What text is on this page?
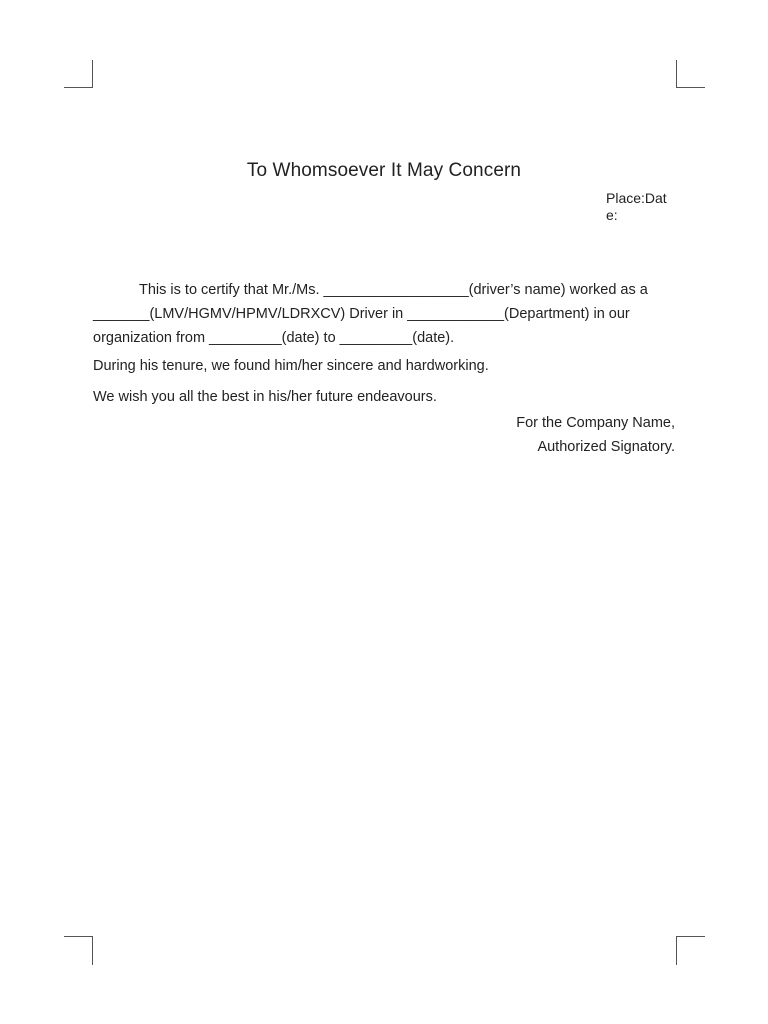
To Whomsoever It May Concern
Place:Date:
This is to certify that Mr./Ms. __________________(driver’s name) worked as a _______(LMV/HGMV/HPMV/LDRXCV) Driver in ____________(Department) in our organization from _________(date) to _________(date).
During his tenure, we found him/her sincere and hardworking.
We wish you all the best in his/her future endeavours.
For the Company Name,
Authorized Signatory.
